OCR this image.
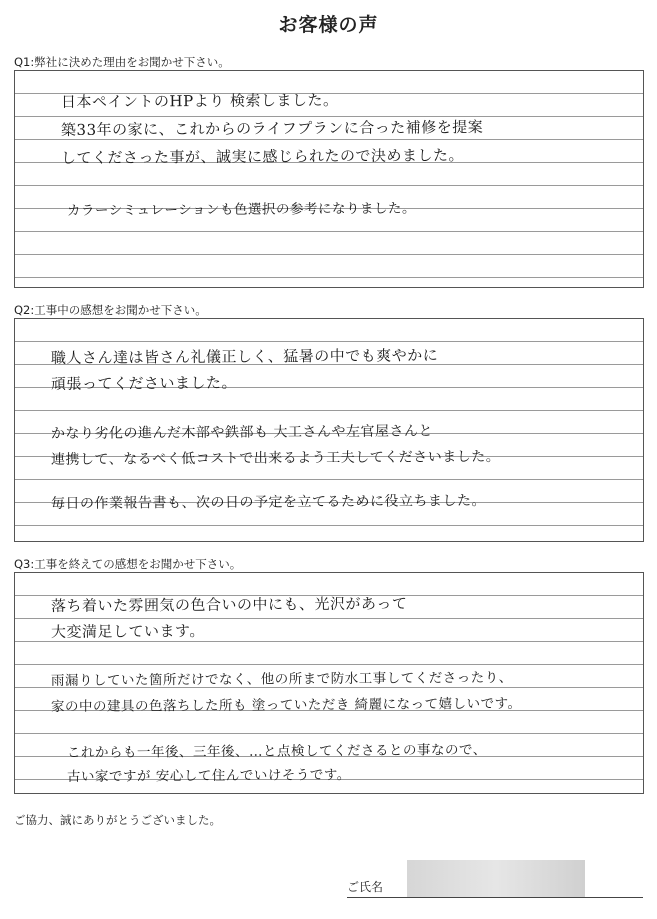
お客様の声
Q1:弊社に決めた理由をお聞かせ下さい。

日本ペイントのHPより 検索しました。

築33年の家に、これからのライフプランに合った補修を提案

してくださった事が、誠実に感じられたので決めました。

カラーシミュレーションも色選択の参考になりました。

Q2:工事中の感想をお聞かせ下さい。

職人さん達は皆さん礼儀正しく、猛暑の中でも爽やかに

頑張ってくださいました。

かなり劣化の進んだ木部や鉄部も 大工さんや左官屋さんと

連携して、なるべく低コストで出来るよう工夫してくださいました。

毎日の作業報告書も、次の日の予定を立てるために役立ちました。

Q3:工事を終えての感想をお聞かせ下さい。

落ち着いた雰囲気の色合いの中にも、光沢があって

大変満足しています。

雨漏りしていた箇所だけでなく、他の所まで防水工事してくださったり、

家の中の建具の色落ちした所も 塗っていただき 綺麗になって嬉しいです。

これからも一年後、三年後、…と点検してくださるとの事なので、

古い家ですが 安心して住んでいけそうです。

ご協力、誠にありがとうございました。
ご氏名
